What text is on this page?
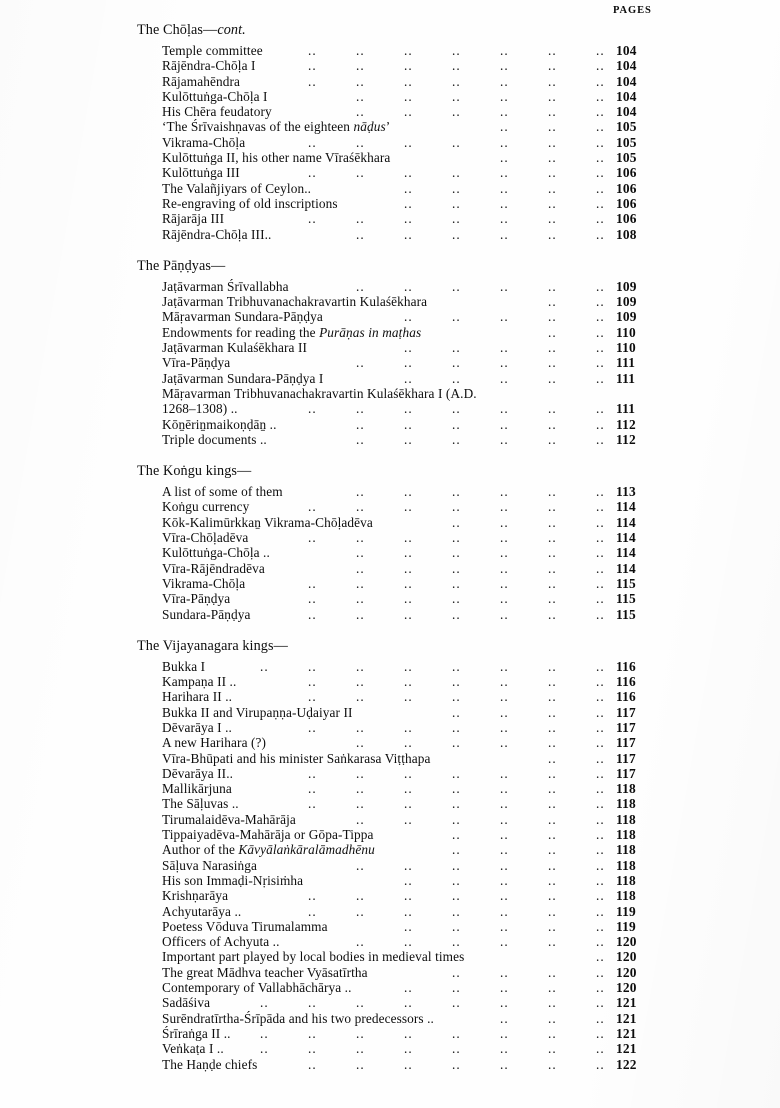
PAGES
The Chōḷas—cont.
Temple committee	..
..
..
..
..
..
..	104
Rājēndra-Chōḷa I	..
..
..
..
..
..
..	104
Rājamahēndra	..
..
..
..
..
..
..	104
Kulōttuṅga-Chōḷa I	..
..
..
..
..
..	104
His Chēra feudatory	..
..
..
..
..
..	104
‘The Śrīvaishṇavas of the eighteen nāḍus’	..
..
..	105
Vikrama-Chōḷa	..
..
..
..
..
..
..	105
Kulōttuṅga II, his other name Vīraśēkhara	..
..
..	105
Kulōttuṅga III	..
..
..
..
..
..
..	106
The Valañjiyars of Ceylon..	..
..
..
..
..	106
Re-engraving of old inscriptions	..
..
..
..
..	106
Rājarāja III	..
..
..
..
..
..
..	106
Rājēndra-Chōḷa III..	..
..
..
..
..
..	108
The Pāṇḍyas—
Jaṭāvarman Śrīvallabha	..
..
..
..
..
..	109
Jaṭāvarman Tribhuvanachakravartin Kulaśēkhara	..
..	109
Māṛavarman Sundara-Pāṇḍya	..
..
..
..
..	109
Endowments for reading the Purāṇas in maṭhas	..
..	110
Jaṭāvarman Kulaśēkhara II	..
..
..
..
..	110
Vīra-Pāṇḍya	..
..
..
..
..
..	111
Jaṭāvarman Sundara-Pāṇḍya I	..
..
..
..
..	111
Māṛavarman Tribhuvanachakravartin Kulaśēkhara I (A.D.
1268–1308) ..	..
..
..
..
..
..
..	111
Kōṉēriṉmaikoṇḍāṉ ..	..
..
..
..
..
..	112
Triple documents ..	..
..
..
..
..
..	112
The Koṅgu kings—
A list of some of them	..
..
..
..
..
..	113
Koṅgu currency	..
..
..
..
..
..
..	114
Kōk-Kalimūrkkaṉ Vikrama-Chōḷadēva	..
..
..
..	114
Vīra-Chōḷadēva	..
..
..
..
..
..
..	114
Kulōttuṅga-Chōḷa ..	..
..
..
..
..
..	114
Vīra-Rājēndradēva	..
..
..
..
..
..	114
Vikrama-Chōḷa	..
..
..
..
..
..
..	115
Vīra-Pāṇḍya	..
..
..
..
..
..
..	115
Sundara-Pāṇḍya	..
..
..
..
..
..
..	115
The Vijayanagara kings—
Bukka I	..
..
..
..
..
..
..
..	116
Kampaṇa II ..	..
..
..
..
..
..
..	116
Harihara II ..	..
..
..
..
..
..
..	116
Bukka II and Virupaṇṇa-Uḍaiyar II	..
..
..
..	117
Dēvarāya I ..	..
..
..
..
..
..
..	117
A new Harihara (?)	..
..
..
..
..
..	117
Vīra-Bhūpati and his minister Saṅkarasa Viṭṭhapa	..
..	117
Dēvarāya II..	..
..
..
..
..
..
..	117
Mallikārjuna	..
..
..
..
..
..
..	118
The Sāḷuvas ..	..
..
..
..
..
..
..	118
Tirumalaidēva-Mahārāja	..
..
..
..
..
..	118
Tippaiyadēva-Mahārāja or Gōpa-Tippa	..
..
..
..	118
Author of the Kāvyālaṅkāralāmadhēnu	..
..
..
..	118
Sāḷuva Narasiṅga	..
..
..
..
..
..	118
His son Immaḍi-Nṛisiṁha	..
..
..
..
..	118
Krishṇarāya	..
..
..
..
..
..
..	118
Achyutarāya ..	..
..
..
..
..
..
..	119
Poetess Vōduva Tirumalamma	..
..
..
..
..	119
Officers of Achyuta ..	..
..
..
..
..
..	120
Important part played by local bodies in medieval times	.. 120
The great Mādhva teacher Vyāsatīrtha	..
..
..
..	120
Contemporary of Vallabhāchārya ..	..
..
..
..
..	120
Sadāśiva	..
..
..
..
..
..
..
..	121
Surēndratīrtha-Śrīpāda and his two predecessors ..	..
..
..	121
Śrīraṅga II ..	..
..
..
..
..
..
..
..	121
Veṅkaṭa I ..	..
..
..
..
..
..
..
..	121
The Haṇḍe chiefs	..
..
..
..
..
..
..	122
